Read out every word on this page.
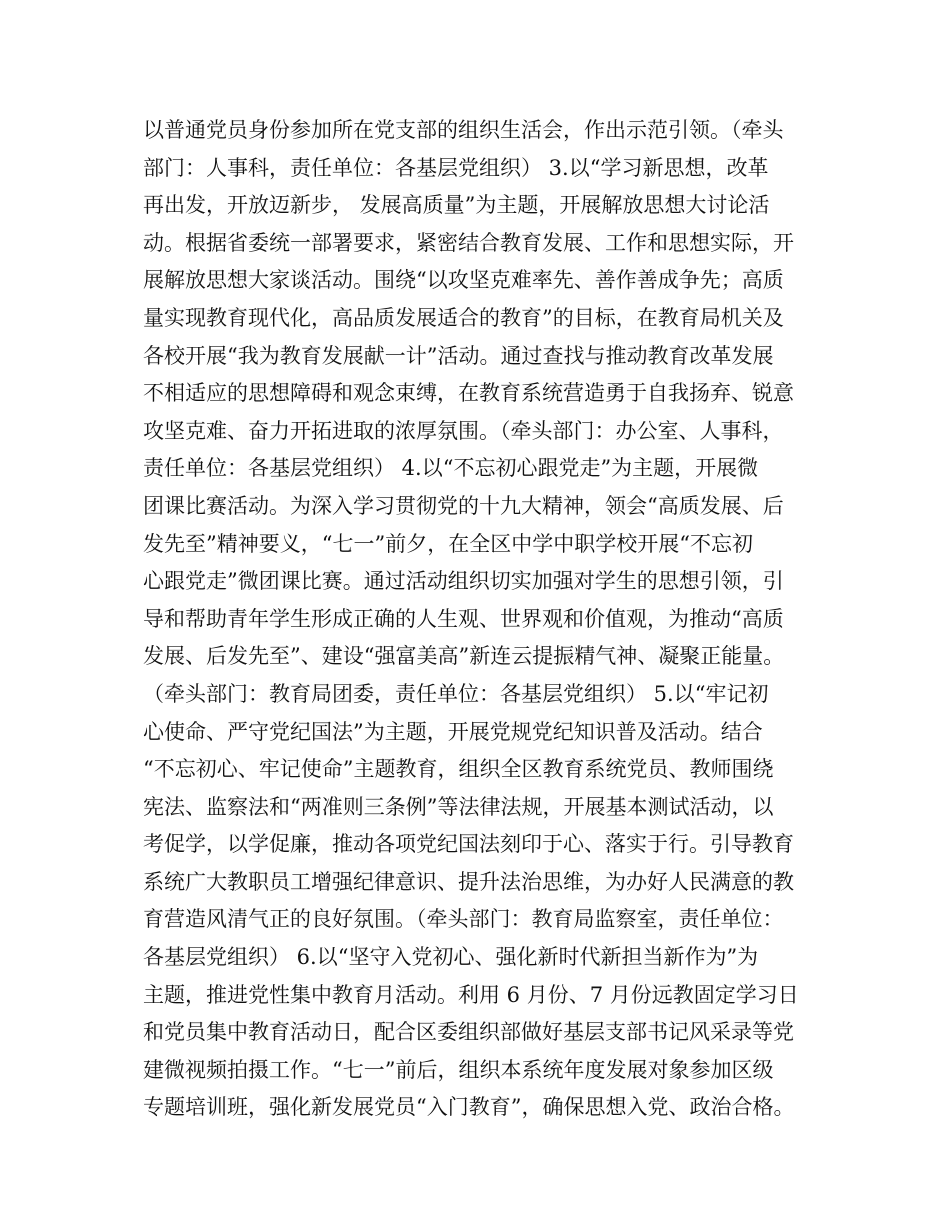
以普通党员身份参加所在党支部的组织生活会，作出示范引领。（牵头
部门：人事科，责任单位：各基层党组织） 3.以“学习新思想，改革
再出发，开放迈新步， 发展高质量”为主题，开展解放思想大讨论活
动。根据省委统一部署要求，紧密结合教育发展、工作和思想实际，开
展解放思想大家谈活动。围绕“以攻坚克难率先、善作善成争先；高质
量实现教育现代化，高品质发展适合的教育”的目标，在教育局机关及
各校开展“我为教育发展献一计”活动。通过查找与推动教育改革发展
不相适应的思想障碍和观念束缚，在教育系统营造勇于自我扬弃、锐意
攻坚克难、奋力开拓进取的浓厚氛围。（牵头部门：办公室、人事科，
责任单位：各基层党组织） 4.以“不忘初心跟党走”为主题，开展微
团课比赛活动。为深入学习贯彻党的十九大精神，领会“高质发展、后
发先至”精神要义，“七一”前夕，在全区中学中职学校开展“不忘初
心跟党走”微团课比赛。通过活动组织切实加强对学生的思想引领，引
导和帮助青年学生形成正确的人生观、世界观和价值观，为推动“高质
发展、后发先至”、建设“强富美高”新连云提振精气神、凝聚正能量。
（牵头部门：教育局团委，责任单位：各基层党组织） 5.以“牢记初
心使命、严守党纪国法”为主题，开展党规党纪知识普及活动。结合
“不忘初心、牢记使命”主题教育，组织全区教育系统党员、教师围绕
宪法、监察法和“两准则三条例”等法律法规，开展基本测试活动，以
考促学，以学促廉，推动各项党纪国法刻印于心、落实于行。引导教育
系统广大教职员工增强纪律意识、提升法治思维，为办好人民满意的教
育营造风清气正的良好氛围。（牵头部门：教育局监察室，责任单位：
各基层党组织） 6.以“坚守入党初心、强化新时代新担当新作为”为
主题，推进党性集中教育月活动。利用 6 月份、7 月份远教固定学习日
和党员集中教育活动日，配合区委组织部做好基层支部书记风采录等党
建微视频拍摄工作。“七一”前后，组织本系统年度发展对象参加区级
专题培训班，强化新发展党员“入门教育”，确保思想入党、政治合格。
